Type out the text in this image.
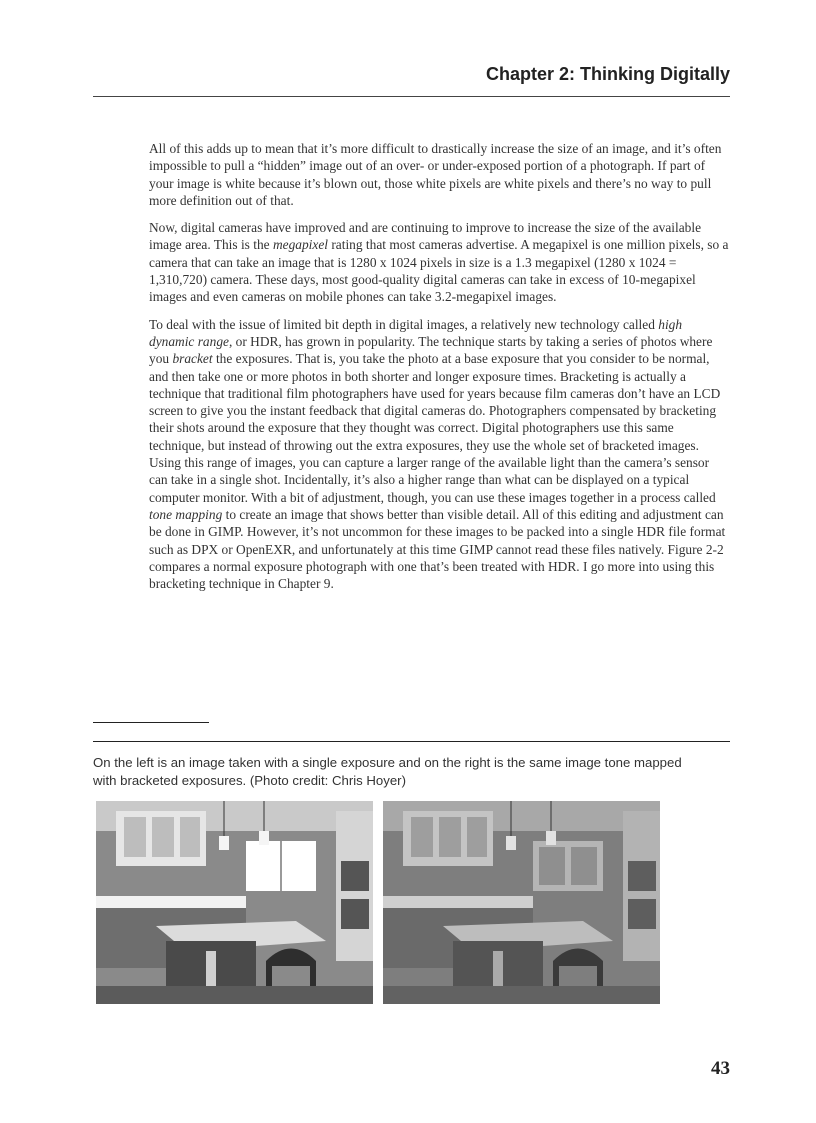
Chapter 2: Thinking Digitally

All of this adds up to mean that it’s more difficult to drastically increase the size of an image, and it’s often impossible to pull a “hidden” image out of an over- or under-exposed portion of a photograph. If part of your image is white because it’s blown out, those white pixels are white pixels and there’s no way to pull more definition out of that.

Now, digital cameras have improved and are continuing to improve to increase the size of the available image area. This is the megapixel rating that most cameras advertise. A megapixel is one million pixels, so a camera that can take an image that is 1280 x 1024 pixels in size is a 1.3 megapixel (1280 x 1024 = 1,310,720) camera. These days, most good-quality digital cameras can take in excess of 10-megapixel images and even cameras on mobile phones can take 3.2-megapixel images.

To deal with the issue of limited bit depth in digital images, a relatively new technology called high dynamic range, or HDR, has grown in popularity. The technique starts by taking a series of photos where you bracket the exposures. That is, you take the photo at a base exposure that you consider to be normal, and then take one or more photos in both shorter and longer exposure times. Bracketing is actually a technique that traditional film photographers have used for years because film cameras don’t have an LCD screen to give you the instant feedback that digital cameras do. Photographers compensated by bracketing their shots around the exposure that they thought was correct. Digital photographers use this same technique, but instead of throwing out the extra exposures, they use the whole set of bracketed images. Using this range of images, you can capture a larger range of the available light than the camera’s sensor can take in a single shot. Incidentally, it’s also a higher range than what can be displayed on a typical computer monitor. With a bit of adjustment, though, you can use these images together in a process called tone mapping to create an image that shows better than visible detail. All of this editing and adjustment can be done in GIMP. However, it’s not uncommon for these images to be packed into a single HDR file format such as DPX or OpenEXR, and unfortunately at this time GIMP cannot read these files natively. Figure 2-2 compares a normal exposure photograph with one that’s been treated with HDR. I go more into using this bracketing technique in Chapter 9.

On the left is an image taken with a single exposure and on the right is the same image tone mapped with bracketed exposures. (Photo credit: Chris Hoyer)

43
